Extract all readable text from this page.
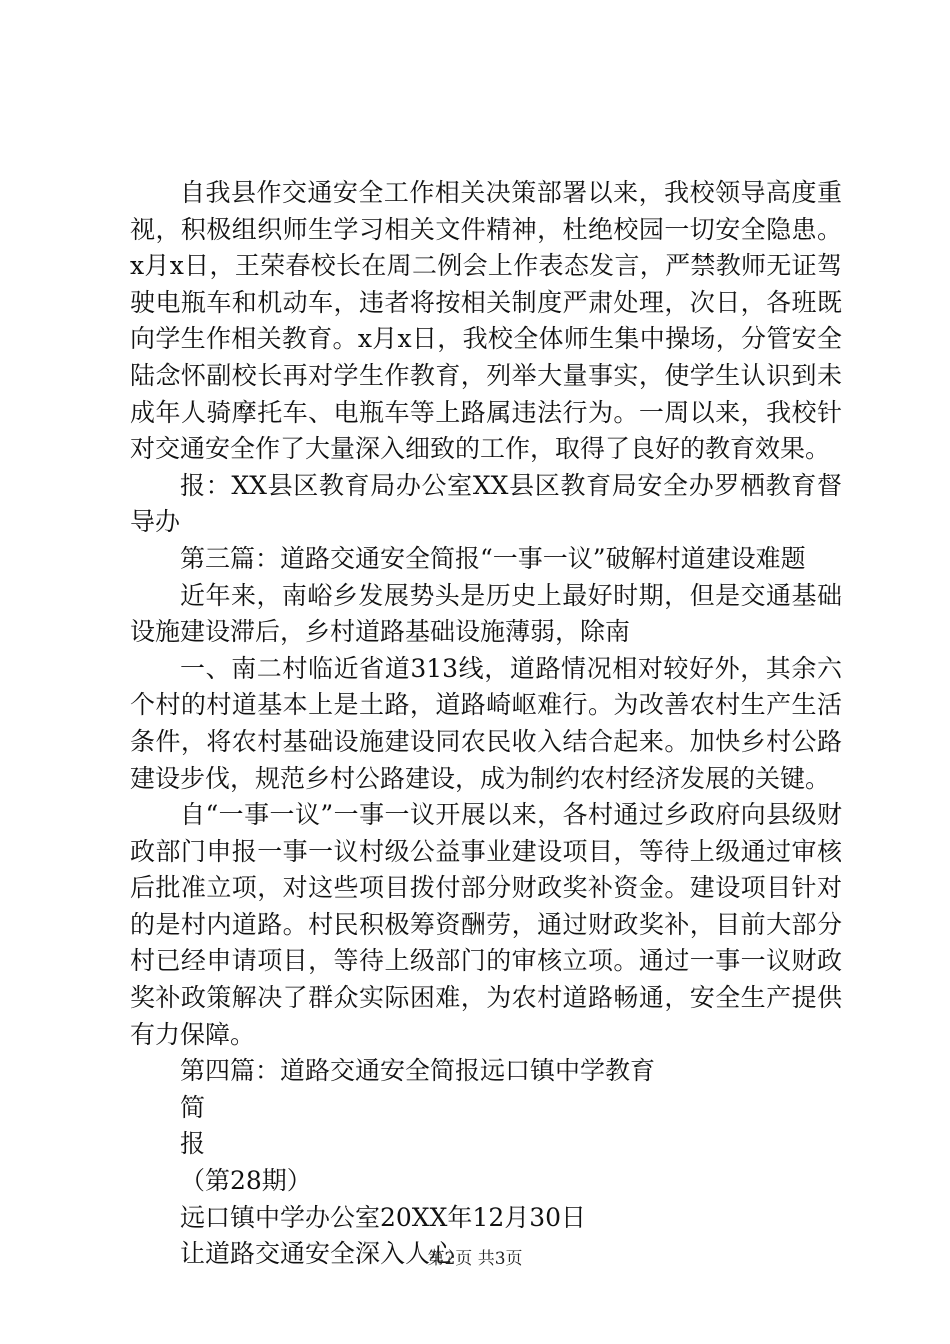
自我县作交通安全工作相关决策部署以来，我校领导高度重视，积极组织师生学习相关文件精神，杜绝校园一切安全隐患。x月x日，王荣春校长在周二例会上作表态发言，严禁教师无证驾驶电瓶车和机动车，违者将按相关制度严肃处理，次日，各班既向学生作相关教育。x月x日，我校全体师生集中操场，分管安全陆念怀副校长再对学生作教育，列举大量事实，使学生认识到未成年人骑摩托车、电瓶车等上路属违法行为。一周以来，我校针对交通安全作了大量深入细致的工作，取得了良好的教育效果。

报：XX县区教育局办公室XX县区教育局安全办罗栖教育督导办

第三篇：道路交通安全简报“一事一议”破解村道建设难题

近年来，南峪乡发展势头是历史上最好时期，但是交通基础设施建设滞后，乡村道路基础设施薄弱，除南

一、南二村临近省道313线，道路情况相对较好外，其余六个村的村道基本上是土路，道路崎岖难行。为改善农村生产生活条件，将农村基础设施建设同农民收入结合起来。加快乡村公路建设步伐，规范乡村公路建设，成为制约农村经济发展的关键。

自“一事一议”一事一议开展以来，各村通过乡政府向县级财政部门申报一事一议村级公益事业建设项目，等待上级通过审核后批准立项，对这些项目拨付部分财政奖补资金。建设项目针对的是村内道路。村民积极筹资酬劳，通过财政奖补，目前大部分村已经申请项目，等待上级部门的审核立项。通过一事一议财政奖补政策解决了群众实际困难，为农村道路畅通，安全生产提供有力保障。

第四篇：道路交通安全简报远口镇中学教育

简

报

（第28期）

远口镇中学办公室20XX年12月30日

让道路交通安全深入人心

第2页 共3页
